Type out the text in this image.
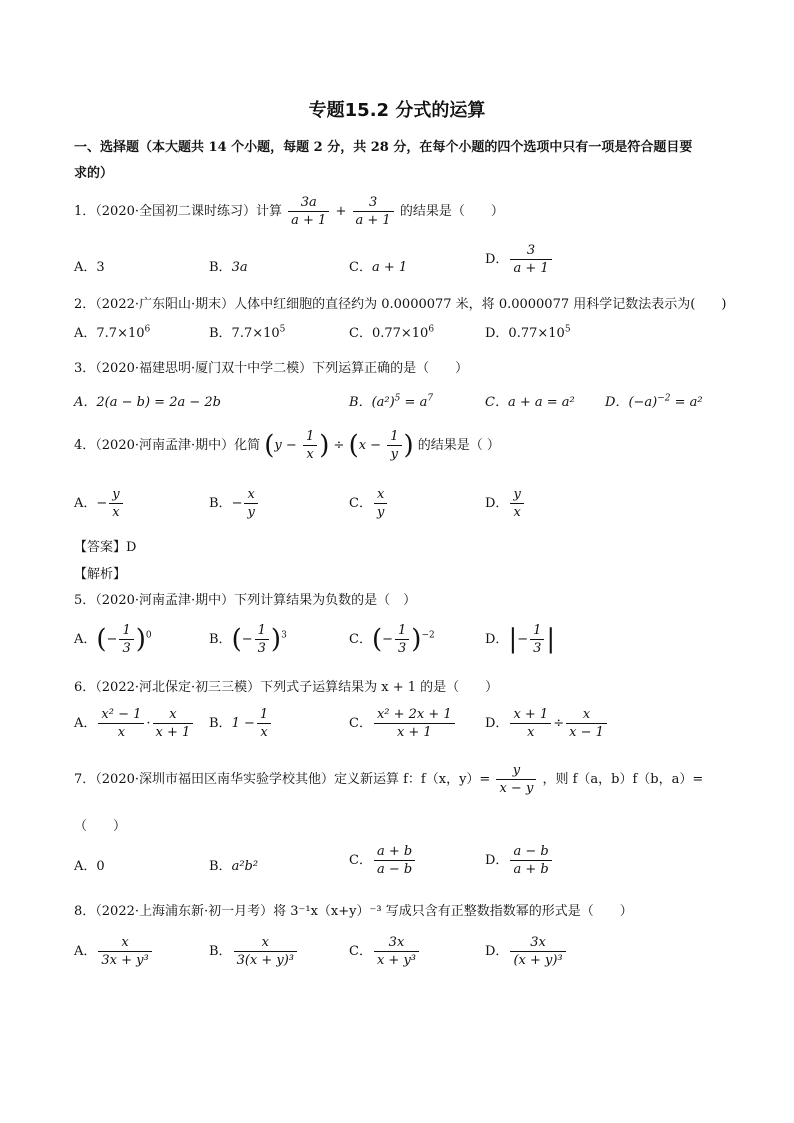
专题15.2 分式的运算
一、选择题（本大题共 14 个小题，每题 2 分，共 28 分，在每个小题的四个选项中只有一项是符合题目要
求的）
1．（2020·全国初二课时练习）计算 $\frac{3a}{a + 1} + \frac{3}{a + 1}$ 的结果是（　　）
A．3	B．3a	C．a + 1
D． $\frac{3}{a + 1}$
2．（2022·广东阳山·期末）人体中红细胞的直径约为 0.0000077 米，将 0.0000077 用科学记数法表示为(　　)
A．$7.7\times 10^6$	B．$7.7\times 10^5$	C．$0.77\times 10^6$	D．$0.77\times 10^5$
3．（2020·福建思明·厦门双十中学二模）下列运算正确的是（　　）
A．2(a − b) = 2a − 2b	B．$(a^2)^5 = a^7$	C．a + a = a² D．$(-a)^{-2} = a^2$
4．（2020·河南孟津·期中）化简 ($y - \frac{1}{x}$ ) ÷ ($x - \frac{1}{y}$ ) 的结果是（ ）
A．− $\frac{y}{x}$	B．− $\frac{x}{y}$	C． $\frac{x}{y}$	D． $\frac{y}{x}$
【答案】D
【解析】
5．（2020·河南孟津·期中）下列计算结果为负数的是（　）
A．(− $\frac{1}{3} )^0$	B．(− $\frac{1}{3} )^3$	C．(− $\frac{1}{3} )^{-2}$	D．|− $\frac{1}{3}$ |
6．（2022·河北保定·初三三模）下列式子运算结果为 x + 1 的是（　　）
A． $\frac{\text{x² − 1}}{x} \cdot \frac{x}{x + 1}$ B．$1 - \frac{1}{x}$	C． $\frac{\text{x² + 2x + 1}}{x + 1}$ D． $\frac{x + 1}{x} \div \frac{x}{x - 1}$
7．（2020·深圳市福田区南华实验学校其他）定义新运算 f：f（x，$y)= \frac{y}{x - y}$ ，则 f（a，b）f（b，a）=
（　　）
A．0	B．a²b²	C． $\frac{a + b}{a - b}$	D． $\frac{a - b}{a + b}$
8．（2022·上海浦东新·初一月考）将 3⁻¹x（x+y）⁻³ 写成只含有正整数指数幂的形式是（　　）
A． $\frac{x}{\text{3x + y³}}$	B． $\frac{x}{\text{3(x + y)³}}$	C． $\frac{3x}{\text{x + y³}}$	D． $\frac{3x}{\text{(x + y)³}}$
